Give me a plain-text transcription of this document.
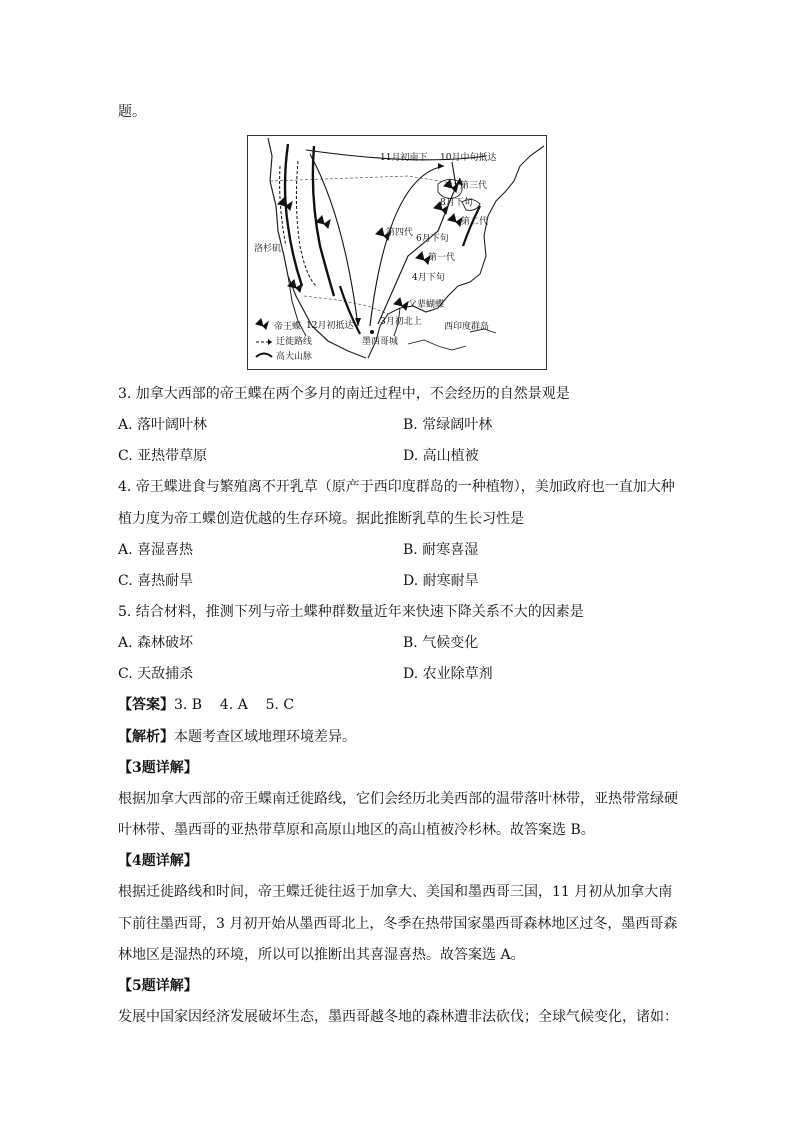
题。
11月初南下 10月中旬抵达
第三代
8月下旬
第二代
第四代
6月下旬
第一代
4月下旬
洛杉矶
父辈蝴蝶
3月初北上
12月初抵达	西印度群岛
墨西哥城
帝王蝶
迁徙路线
高大山脉
3. 加拿大西部的帝王蝶在两个多月的南迁过程中，不会经历的自然景观是
A. 落叶阔叶林	B. 常绿阔叶林
C. 亚热带草原	D. 高山植被
4. 帝王蝶进食与繁殖离不开乳草（原产于西印度群岛的一种植物），美加政府也一直加大种
植力度为帝工蝶创造优越的生存环境。据此推断乳草的生长习性是
A. 喜湿喜热	B. 耐寒喜湿
C. 喜热耐旱	D. 耐寒耐旱
5. 结合材料，推测下列与帝土蝶种群数量近年来快速下降关系不大的因素是
A. 森林破坏	B. 气候变化
C. 天敌捕杀	D. 农业除草剂
【答案】3. B    4. A    5. C
【解析】本题考查区域地理环境差异。
【3题详解】
根据加拿大西部的帝王蝶南迁徙路线，它们会经历北美西部的温带落叶林带，亚热带常绿硬
叶林带、墨西哥的亚热带草原和高原山地区的高山植被冷杉林。故答案选 B。
【4题详解】
根据迁徙路线和时间，帝王蝶迁徙往返于加拿大、美国和墨西哥三国，11 月初从加拿大南
下前往墨西哥，3 月初开始从墨西哥北上，冬季在热带国家墨西哥森林地区过冬，墨西哥森
林地区是湿热的环境，所以可以推断出其喜湿喜热。故答案选 A。
【5题详解】
发展中国家因经济发展破坏生态，墨西哥越冬地的森林遭非法砍伐；全球气候变化，诸如：
